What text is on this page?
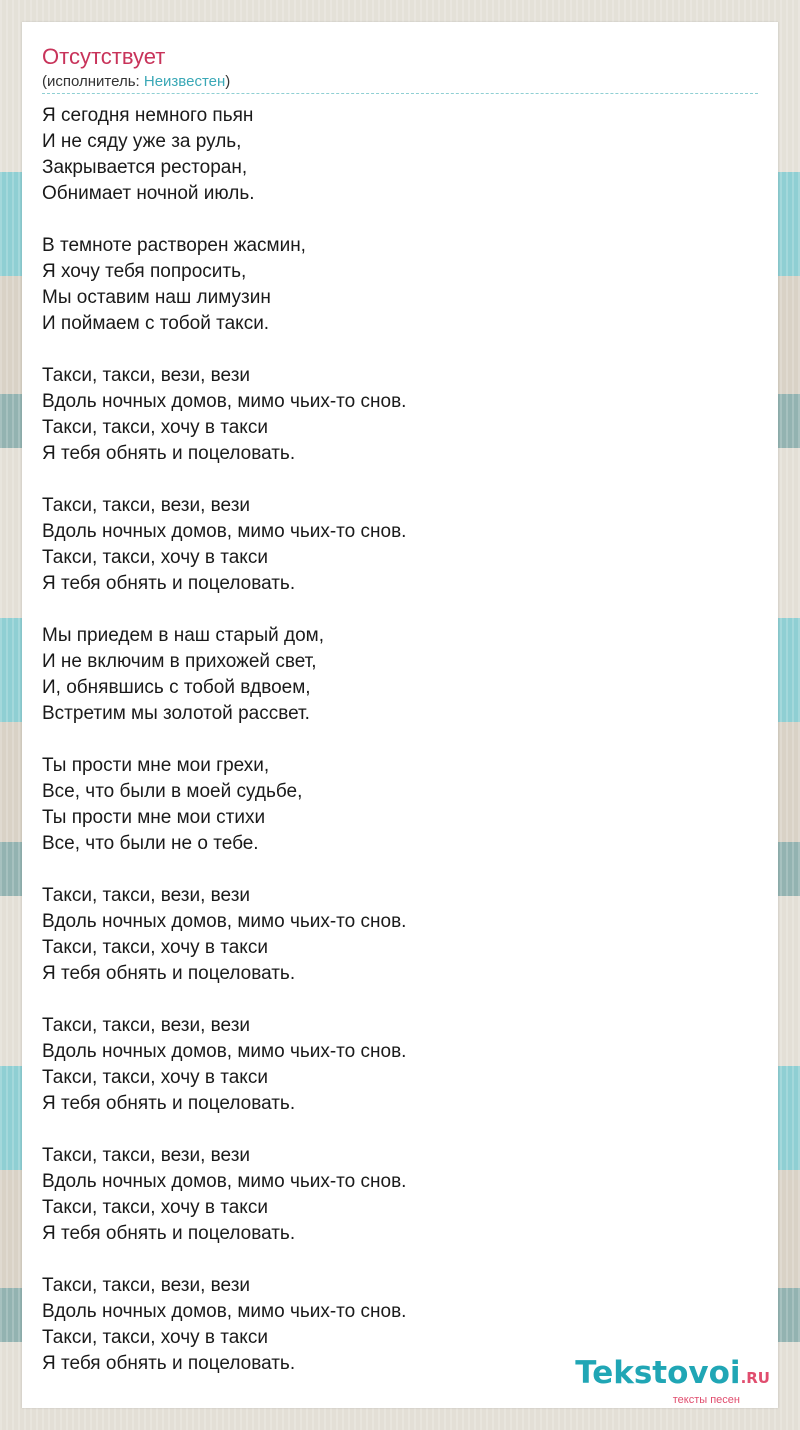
Отсутствует
(исполнитель: Неизвестен)
Я сегодня немного пьян
И не сяду уже за руль,
Закрывается ресторан,
Обнимает ночной июль.
В темноте растворен жасмин,
Я хочу тебя попросить,
Мы оставим наш лимузин
И поймаем с тобой такси.
Такси, такси, вези, вези
Вдоль ночных домов, мимо чьих-то снов.
Такси, такси, хочу в такси
Я тебя обнять и поцеловать.
Такси, такси, вези, вези
Вдоль ночных домов, мимо чьих-то снов.
Такси, такси, хочу в такси
Я тебя обнять и поцеловать.
Мы приедем в наш старый дом,
И не включим в прихожей свет,
И, обнявшись с тобой вдвоем,
Встретим мы золотой рассвет.
Ты прости мне мои грехи,
Все, что были в моей судьбе,
Ты прости мне мои стихи
Все, что были не о тебе.
Такси, такси, вези, вези
Вдоль ночных домов, мимо чьих-то снов.
Такси, такси, хочу в такси
Я тебя обнять и поцеловать.
Такси, такси, вези, вези
Вдоль ночных домов, мимо чьих-то снов.
Такси, такси, хочу в такси
Я тебя обнять и поцеловать.
Такси, такси, вези, вези
Вдоль ночных домов, мимо чьих-то снов.
Такси, такси, хочу в такси
Я тебя обнять и поцеловать.
Такси, такси, вези, вези
Вдоль ночных домов, мимо чьих-то снов.
Такси, такси, хочу в такси
Я тебя обнять и поцеловать.	Tekstovoi.RU
тексты песен
